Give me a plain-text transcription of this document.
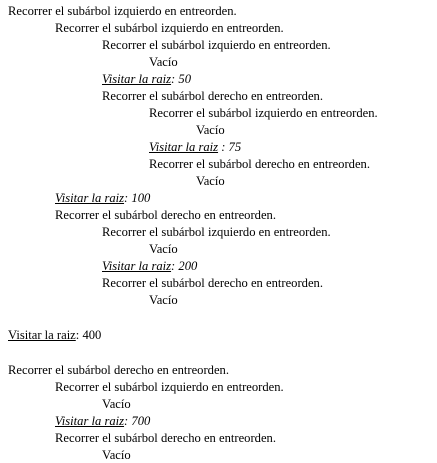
Recorrer el subárbol izquierdo en entreorden.
Recorrer el subárbol izquierdo en entreorden.
Recorrer el subárbol izquierdo en entreorden.
Vacío
Visitar la raiz: 50
Recorrer el subárbol derecho en entreorden.
Recorrer el subárbol izquierdo en entreorden.
Vacío
Visitar la raiz : 75
Recorrer el subárbol derecho en entreorden.
Vacío
Visitar la raiz: 100
Recorrer el subárbol derecho en entreorden.
Recorrer el subárbol izquierdo en entreorden.
Vacío
Visitar la raiz: 200
Recorrer el subárbol derecho en entreorden.
Vacío
Visitar la raiz: 400
Recorrer el subárbol derecho en entreorden.
Recorrer el subárbol izquierdo en entreorden.
Vacío
Visitar la raiz: 700
Recorrer el subárbol derecho en entreorden.
Vacío
